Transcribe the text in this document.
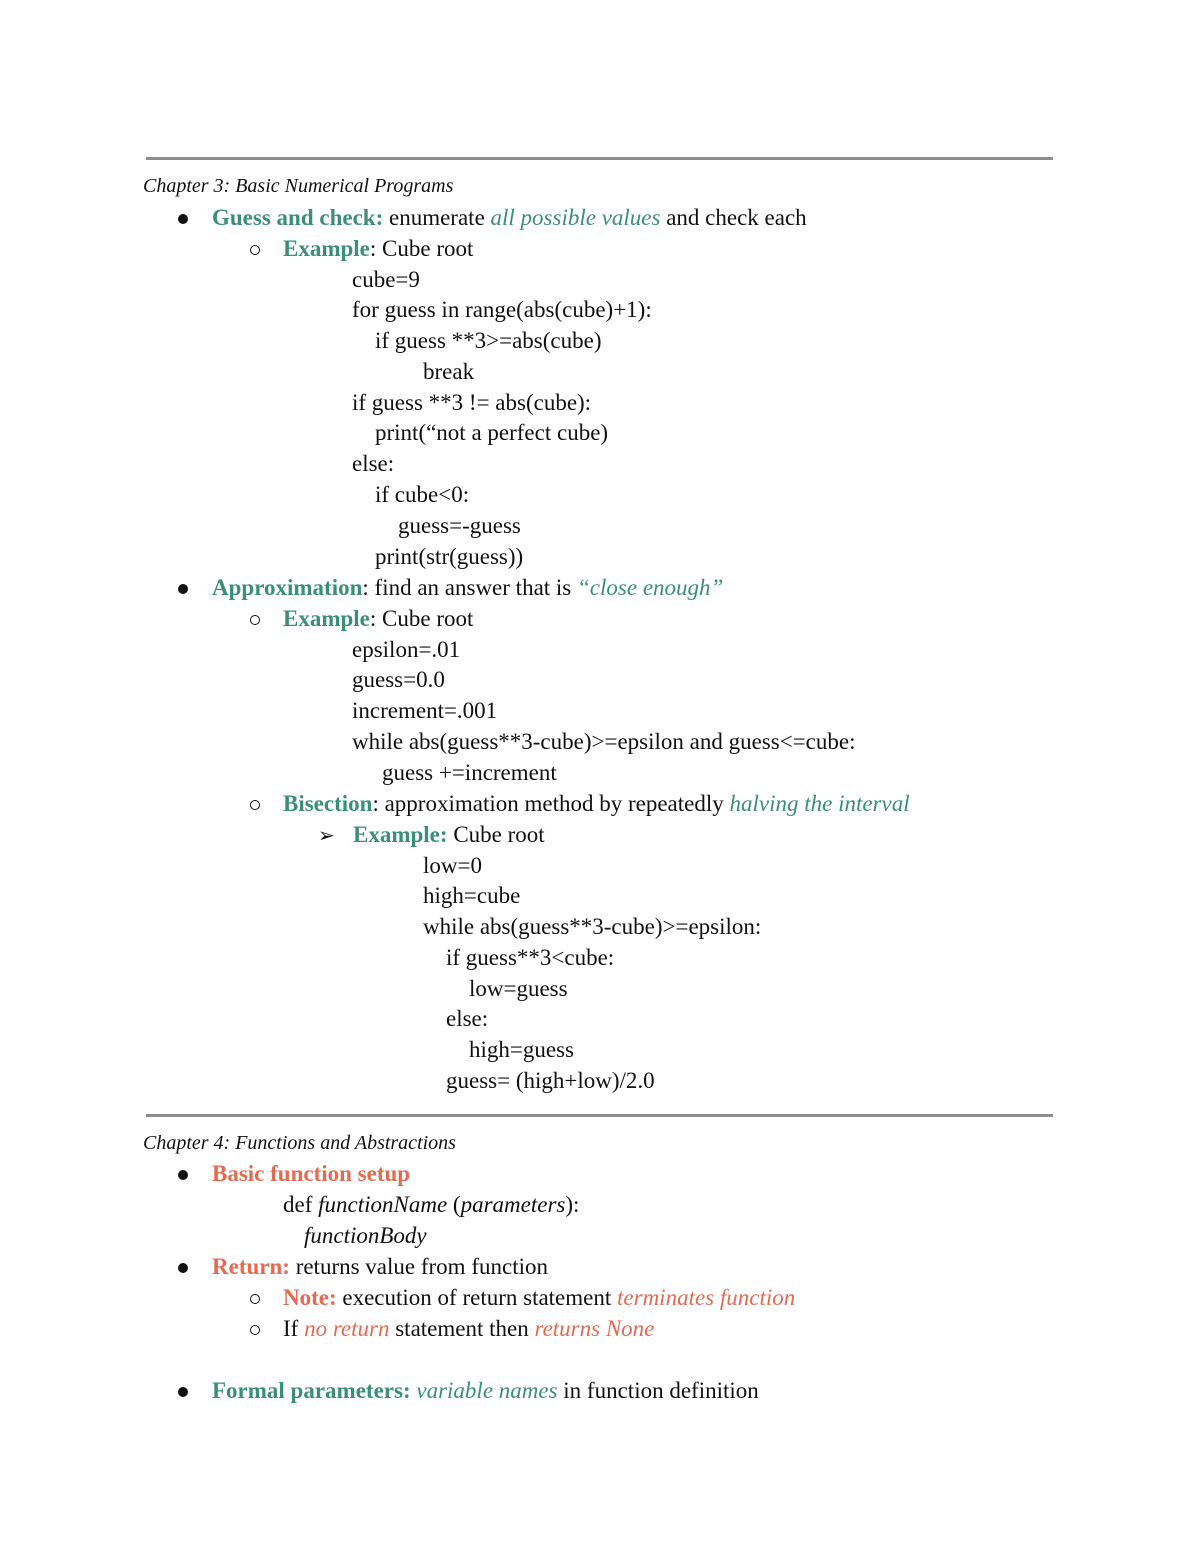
Chapter 3: Basic Numerical Programs
Guess and check: enumerate all possible values and check each
Example: Cube root
cube=9
for guess in range(abs(cube)+1):
if guess **3>=abs(cube)
break
if guess **3 != abs(cube):
print(“not a perfect cube)
else:
if cube<0:
guess=-guess
print(str(guess))
Approximation: find an answer that is “close enough”
Example: Cube root
epsilon=.01
guess=0.0
increment=.001
while abs(guess**3-cube)>=epsilon and guess<=cube:
guess +=increment
Bisection: approximation method by repeatedly halving the interval
➢ Example: Cube root
low=0
high=cube
while abs(guess**3-cube)>=epsilon:
if guess**3<cube:
low=guess
else:
high=guess
guess= (high+low)/2.0
Chapter 4: Functions and Abstractions
Basic function setup
def functionName (parameters):
functionBody
Return: returns value from function
Note: execution of return statement terminates function
If no return statement then returns None
Formal parameters: variable names in function definition
